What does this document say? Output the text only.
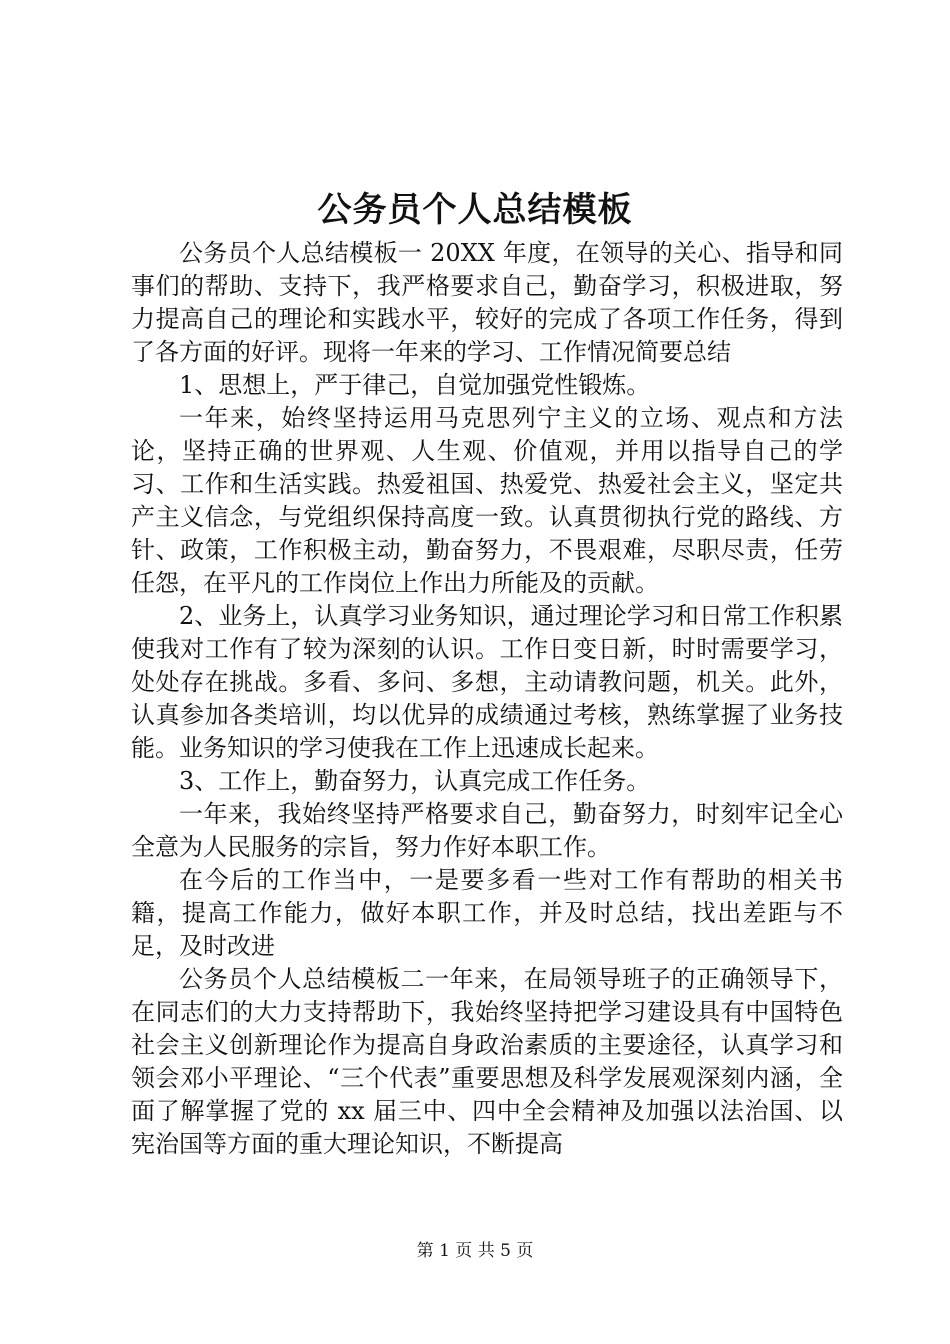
公务员个人总结模板

公务员个人总结模板一 20XX 年度，在领导的关心、指导和同事们的帮助、支持下，我严格要求自己，勤奋学习，积极进取，努力提高自己的理论和实践水平，较好的完成了各项工作任务，得到了各方面的好评。现将一年来的学习、工作情况简要总结

1、思想上，严于律己，自觉加强党性锻炼。

一年来，始终坚持运用马克思列宁主义的立场、观点和方法论，坚持正确的世界观、人生观、价值观，并用以指导自己的学习、工作和生活实践。热爱祖国、热爱党、热爱社会主义，坚定共产主义信念，与党组织保持高度一致。认真贯彻执行党的路线、方针、政策，工作积极主动，勤奋努力，不畏艰难，尽职尽责，任劳任怨，在平凡的工作岗位上作出力所能及的贡献。

2、业务上，认真学习业务知识，通过理论学习和日常工作积累使我对工作有了较为深刻的认识。工作日变日新，时时需要学习，处处存在挑战。多看、多问、多想，主动请教问题，机关。此外，认真参加各类培训，均以优异的成绩通过考核，熟练掌握了业务技能。业务知识的学习使我在工作上迅速成长起来。

3、工作上，勤奋努力，认真完成工作任务。

一年来，我始终坚持严格要求自己，勤奋努力，时刻牢记全心全意为人民服务的宗旨，努力作好本职工作。

在今后的工作当中，一是要多看一些对工作有帮助的相关书籍，提高工作能力，做好本职工作，并及时总结，找出差距与不足，及时改进

公务员个人总结模板二一年来，在局领导班子的正确领导下，在同志们的大力支持帮助下，我始终坚持把学习建设具有中国特色社会主义创新理论作为提高自身政治素质的主要途径，认真学习和领会邓小平理论、“三个代表”重要思想及科学发展观深刻内涵，全面了解掌握了党的 xx 届三中、四中全会精神及加强以法治国、以宪治国等方面的重大理论知识，不断提高

第 1 页 共 5 页
